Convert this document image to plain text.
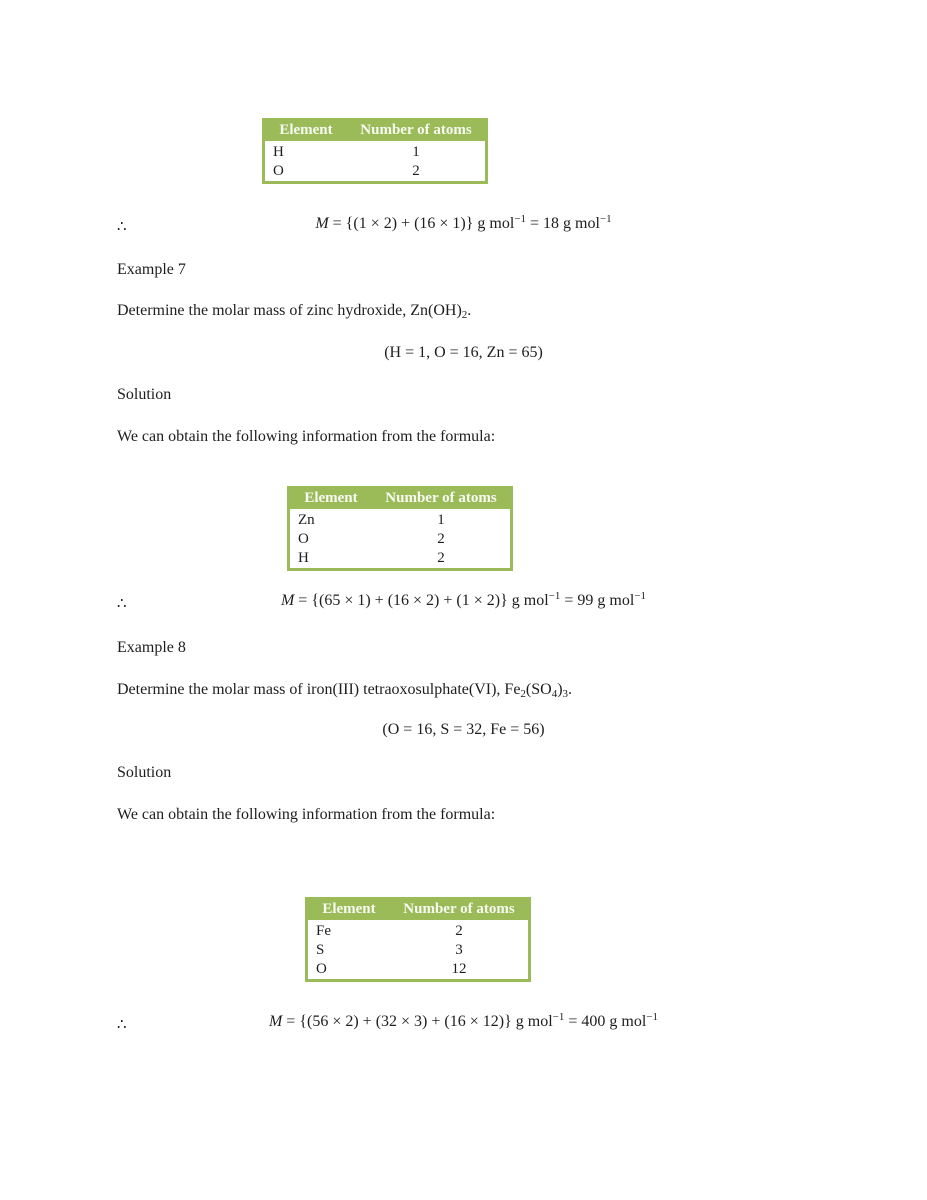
Element	Number of atoms
H	1
O	2
∴	M = {(1 × 2) + (16 × 1)} g mol$^{-1}$ = 18 g mol$^{-1}$
Example 7
Determine the molar mass of zinc hydroxide, $Zn(OH)_2$.
(H = 1, O = 16, Zn = 65)
Solution
We can obtain the following information from the formula:
Element	Number of atoms
Zn	1
O	2
H	2
∴	M = {(65 × 1) + (16 × 2) + (1 × 2)} g mol$^{-1}$ = 99 g mol$^{-1}$
Example 8
Determine the molar mass of iron(III) tetraoxosulphate(VI), $Fe_2(SO_4)_3$.
(O = 16, S = 32, Fe = 56)
Solution
We can obtain the following information from the formula:
Element	Number of atoms
Fe	2
S	3
O	12
∴	M = {(56 × 2) + (32 × 3) + (16 × 12)} g mol$^{-1}$ = 400 g mol$^{-1}$
